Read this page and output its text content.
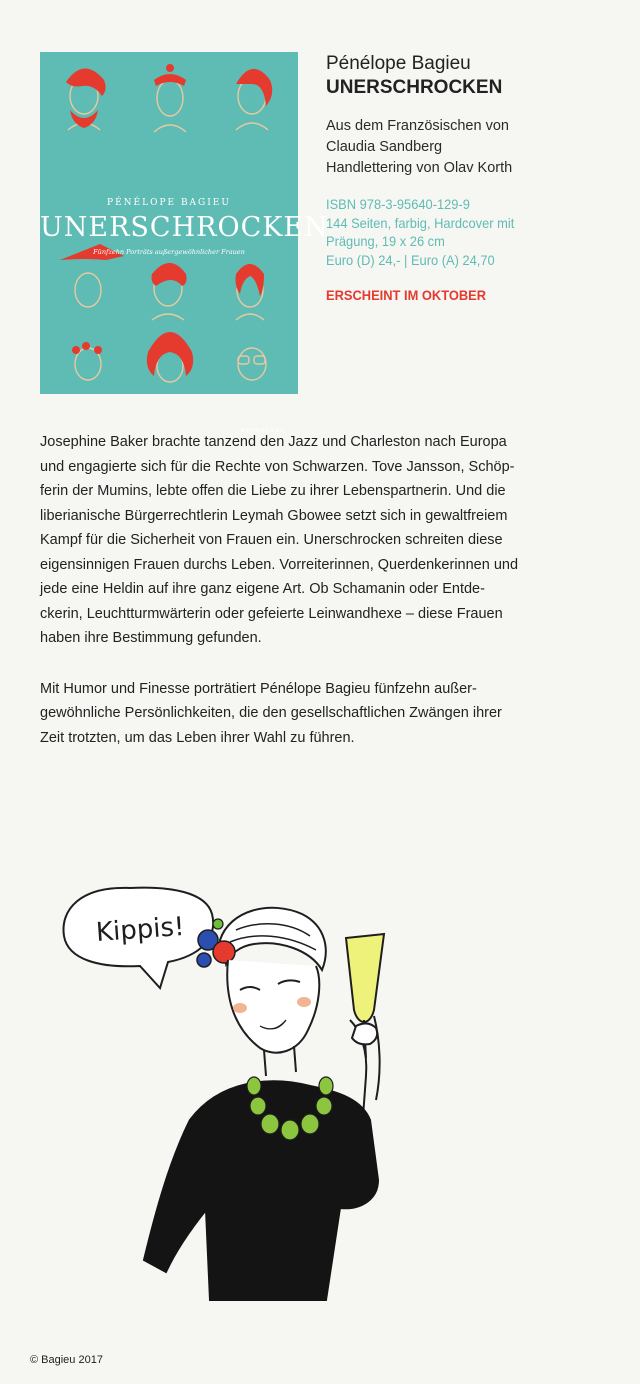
PÉNÉLOPE BAGIEU
UNERSCHROCKEN
Fünfzehn Porträts außergewöhnlicher Frauen
REPRODUKT
Pénélope Bagieu
UNERSCHROCKEN
Aus dem Französischen von
Claudia Sandberg
Handlettering von Olav Korth
ISBN 978-3-95640-129-9
144 Seiten, farbig, Hardcover mit
Prägung, 19 x 26 cm
Euro (D) 24,- | Euro (A) 24,70
ERSCHEINT IM OKTOBER

Josephine Baker brachte tanzend den Jazz und Charleston nach Europa
und engagierte sich für die Rechte von Schwarzen. Tove Jansson, Schöp-
ferin der Mumins, lebte offen die Liebe zu ihrer Lebenspartnerin. Und die
liberianische Bürgerrechtlerin Leymah Gbowee setzt sich in gewaltfreiem
Kampf für die Sicherheit von Frauen ein. Unerschrocken schreiten diese
eigensinnigen Frauen durchs Leben. Vorreiterinnen, Querdenkerinnen und
jede eine Heldin auf ihre ganz eigene Art. Ob Schamanin oder Entde-
ckerin, Leuchtturmwärterin oder gefeierte Leinwandhexe – diese Frauen
haben ihre Bestimmung gefunden.

Mit Humor und Finesse porträtiert Pénélope Bagieu fünfzehn außer-
gewöhnliche Persönlichkeiten, die den gesellschaftlichen Zwängen ihrer
Zeit trotzten, um das Leben ihrer Wahl zu führen.

Kippis!
© Bagieu 2017
